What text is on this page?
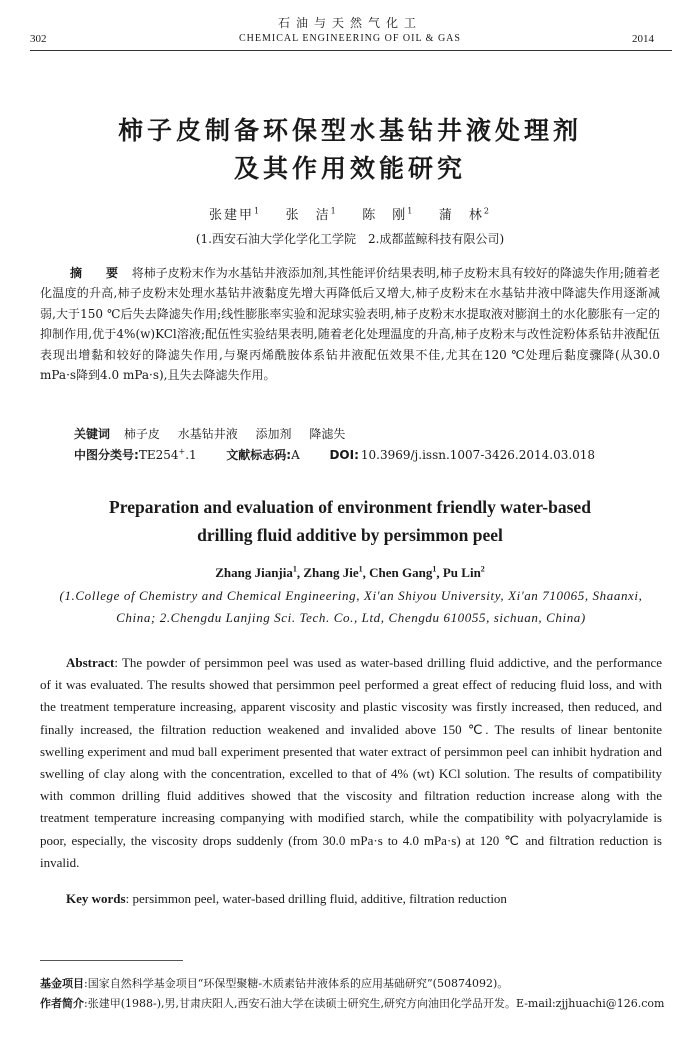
石油与天然气化工
302	CHEMICAL ENGINEERING OF OIL & GAS	2014
柿子皮制备环保型水基钻井液处理剂
及其作用效能研究
张建甲$^1$ 张　洁$^1$ 陈　刚$^1$ 蒲　林$^2$
(1.西安石油大学化学化工学院　2.成都蓝鲸科技有限公司)
摘　要 将柿子皮粉末作为水基钻井液添加剂,其性能评价结果表明,柿子皮粉末具有较好的降滤失作用;随着老化温度的升高,柿子皮粉末处理水基钻井液黏度先增大再降低后又增大,柿子皮粉末在水基钻井液中降滤失作用逐渐减弱,大于150 ℃后失去降滤失作用;线性膨胀率实验和泥球实验表明,柿子皮粉末水提取液对膨润土的水化膨胀有一定的抑制作用,优于4%(w)KCl溶液;配伍性实验结果表明,随着老化处理温度的升高,柿子皮粉末与改性淀粉体系钻井液配伍表现出增黏和较好的降滤失作用,与聚丙烯酰胺体系钻井液配伍效果不佳,尤其在120 ℃处理后黏度骤降(从30.0 mPa·s降到4.0 mPa·s),且失去降滤失作用。
关键词 柿子皮 水基钻井液 添加剂 降滤失
中图分类号:TE254+.1 文献标志码:A DOI: 10.3969/j.issn.1007-3426.2014.03.018
Preparation and evaluation of environment friendly water-based
drilling fluid additive by persimmon peel
Zhang Jianjia$^1$, Zhang Jie$^1$, Chen Gang$^1$, Pu Lin$^2$
(1.College of Chemistry and Chemical Engineering, Xi'an Shiyou University, Xi'an 710065, Shaanxi, China; 2.Chengdu Lanjing Sci. Tech. Co., Ltd, Chengdu 610055, sichuan, China)
Abstract: The powder of persimmon peel was used as water-based drilling fluid addictive, and the performance of it was evaluated. The results showed that persimmon peel performed a great effect of reducing fluid loss, and with the treatment temperature increasing, apparent viscosity and plastic viscosity was firstly increased, then reduced, and finally increased, the filtration reduction weakened and invalided above 150 ℃. The results of linear bentonite swelling experiment and mud ball experiment presented that water extract of persimmon peel can inhibit hydration and swelling of clay along with the concentration, excelled to that of 4% (wt) KCl solution. The results of compatibility with common drilling fluid additives showed that the viscosity and filtration reduction increase along with the treatment temperature increasing companying with modified starch, while the compatibility with polyacrylamide is poor, especially, the viscosity drops suddenly (from 30.0 mPa·s to 4.0 mPa·s) at 120 ℃ and filtration reduction is invalid.
Key words: persimmon peel, water-based drilling fluid, additive, filtration reduction
基金项目:国家自然科学基金项目“环保型聚糖-木质素钻井液体系的应用基础研究”(50874092)。
作者简介:张建甲(1988-),男,甘肃庆阳人,西安石油大学在读硕士研究生,研究方向油田化学品开发。E-mail:zjjhuachi@126.com
